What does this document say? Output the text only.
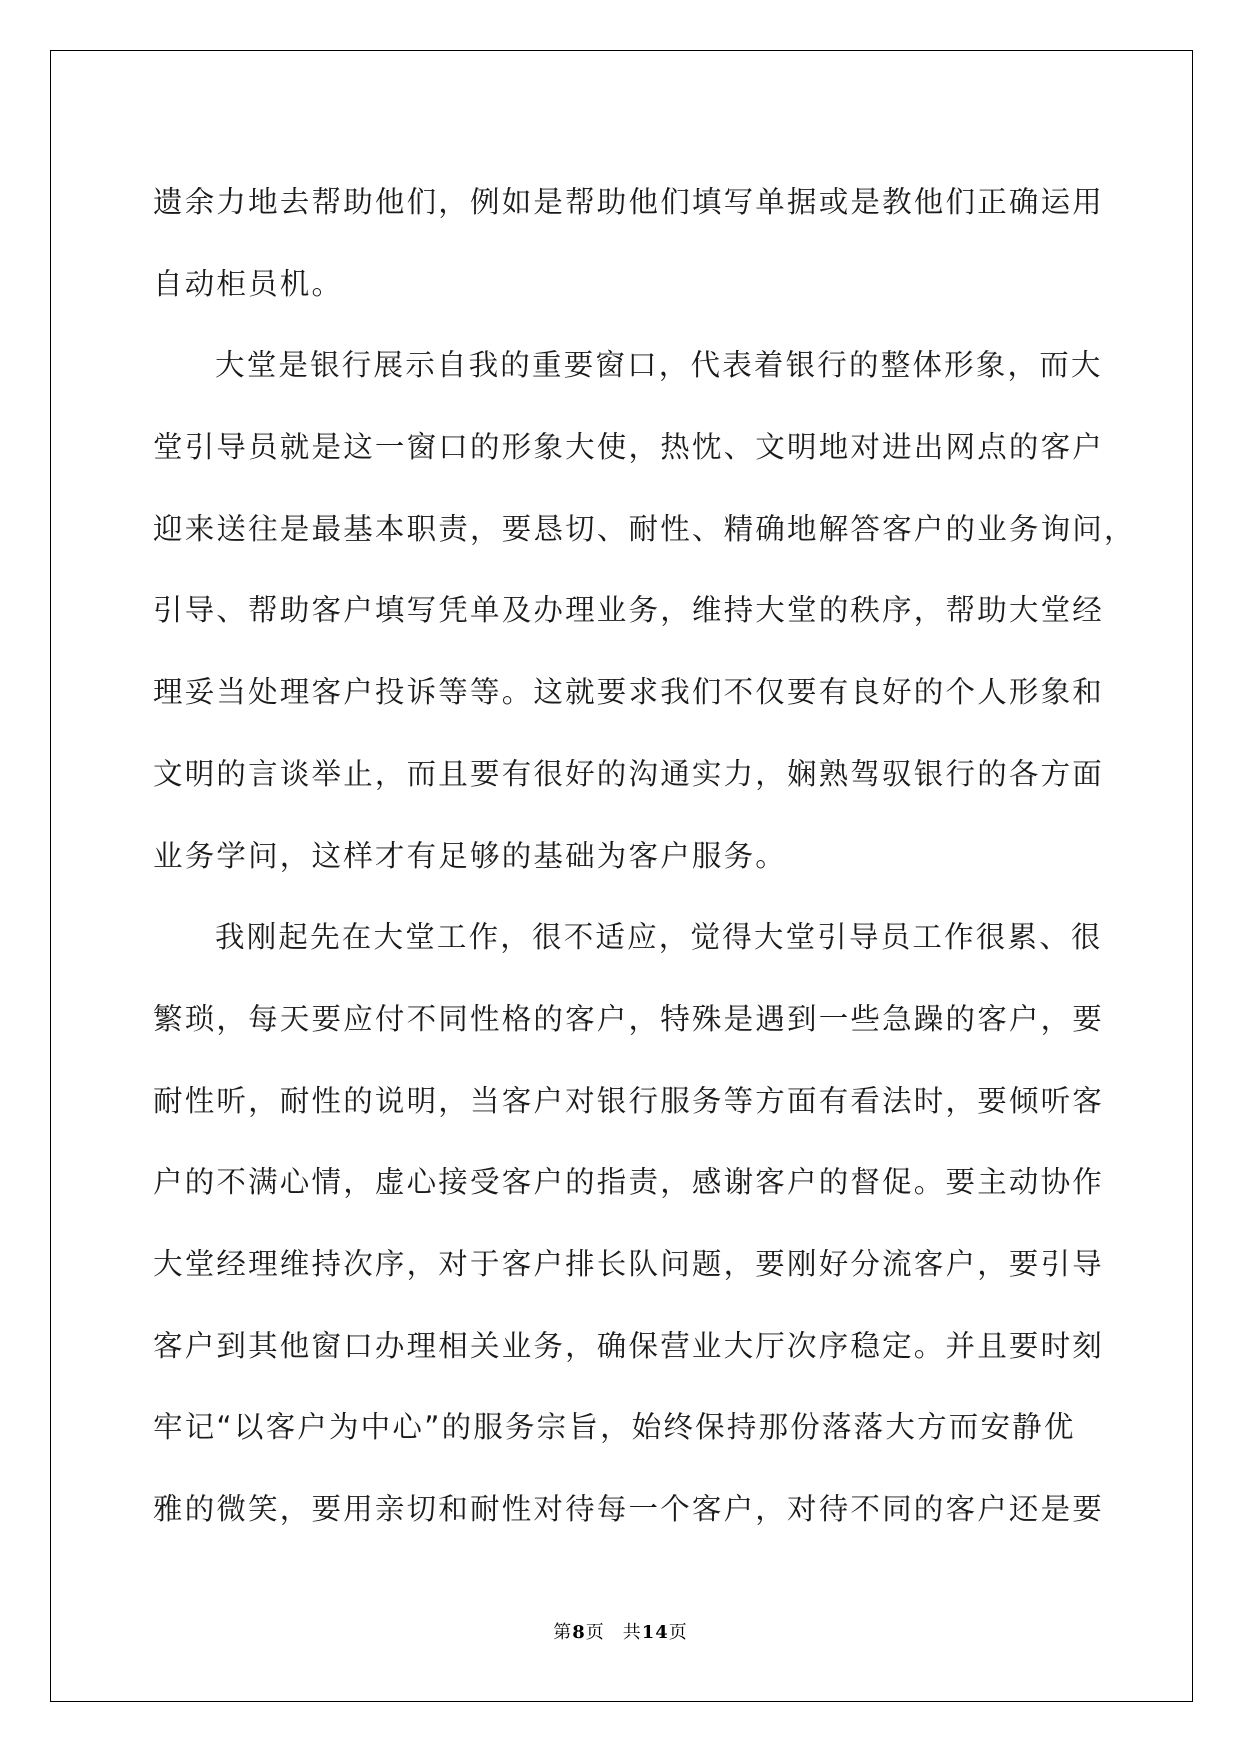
遗余力地去帮助他们，例如是帮助他们填写单据或是教他们正确运用
自动柜员机。
大堂是银行展示自我的重要窗口，代表着银行的整体形象，而大
堂引导员就是这一窗口的形象大使，热忱、文明地对进出网点的客户
迎来送往是最基本职责，要恳切、耐性、精确地解答客户的业务询问，
引导、帮助客户填写凭单及办理业务，维持大堂的秩序，帮助大堂经
理妥当处理客户投诉等等。这就要求我们不仅要有良好的个人形象和
文明的言谈举止，而且要有很好的沟通实力，娴熟驾驭银行的各方面
业务学问，这样才有足够的基础为客户服务。
我刚起先在大堂工作，很不适应，觉得大堂引导员工作很累、很
繁琐，每天要应付不同性格的客户，特殊是遇到一些急躁的客户，要
耐性听，耐性的说明，当客户对银行服务等方面有看法时，要倾听客
户的不满心情，虚心接受客户的指责，感谢客户的督促。要主动协作
大堂经理维持次序，对于客户排长队问题，要刚好分流客户，要引导
客户到其他窗口办理相关业务，确保营业大厅次序稳定。并且要时刻
牢记“以客户为中心”的服务宗旨，始终保持那份落落大方而安静优
雅的微笑，要用亲切和耐性对待每一个客户，对待不同的客户还是要
第8页 共14页
